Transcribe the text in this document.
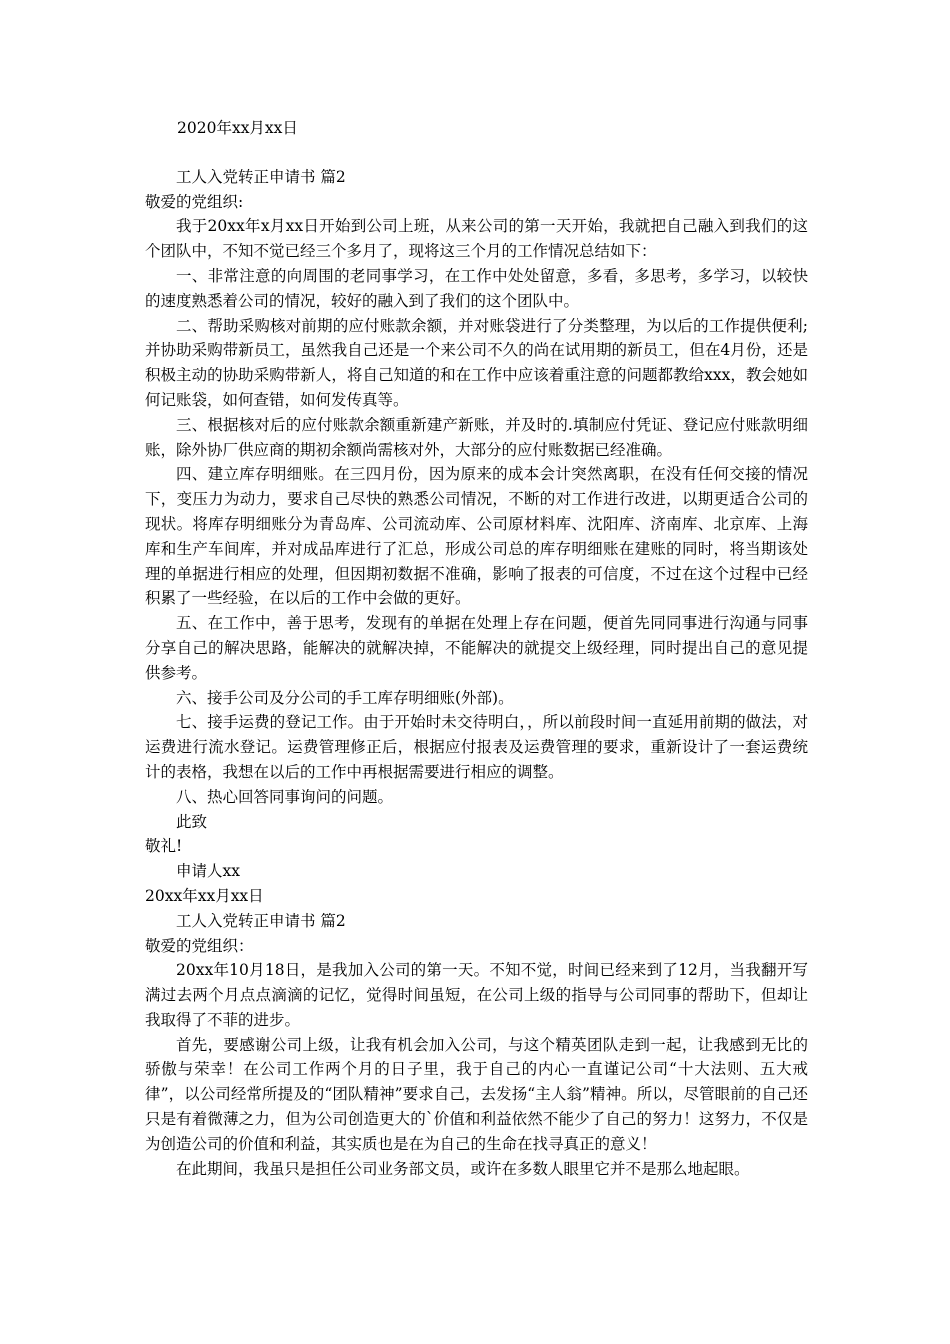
2020年xx月xx日
工人入党转正申请书 篇2
敬爱的党组织:
我于20xx年x月xx日开始到公司上班，从来公司的第一天开始，我就把自己融入到我们的这个团队中，不知不觉已经三个多月了，现将这三个月的工作情况总结如下：
一、非常注意的向周围的老同事学习，在工作中处处留意，多看，多思考，多学习，以较快的速度熟悉着公司的情况，较好的融入到了我们的这个团队中。
二、帮助采购核对前期的应付账款余额，并对账袋进行了分类整理，为以后的工作提供便利;并协助采购带新员工，虽然我自己还是一个来公司不久的尚在试用期的新员工，但在4月份，还是积极主动的协助采购带新人，将自己知道的和在工作中应该着重注意的问题都教给xxx，教会她如何记账袋，如何查错，如何发传真等。
三、根据核对后的应付账款余额重新建产新账，并及时的.填制应付凭证、登记应付账款明细账，除外协厂供应商的期初余额尚需核对外，大部分的应付账数据已经准确。
四、建立库存明细账。在三四月份，因为原来的成本会计突然离职，在没有任何交接的情况下，变压力为动力，要求自己尽快的熟悉公司情况，不断的对工作进行改进，以期更适合公司的现状。将库存明细账分为青岛库、公司流动库、公司原材料库、沈阳库、济南库、北京库、上海库和生产车间库，并对成品库进行了汇总，形成公司总的库存明细账在建账的同时，将当期该处理的单据进行相应的处理，但因期初数据不准确，影响了报表的可信度，不过在这个过程中已经积累了一些经验，在以后的工作中会做的更好。
五、在工作中，善于思考，发现有的单据在处理上存在问题，便首先同同事进行沟通与同事分享自己的解决思路，能解决的就解决掉，不能解决的就提交上级经理，同时提出自己的意见提供参考。
六、接手公司及分公司的手工库存明细账(外部)。
七、接手运费的登记工作。由于开始时未交待明白，，所以前段时间一直延用前期的做法，对运费进行流水登记。运费管理修正后，根据应付报表及运费管理的要求，重新设计了一套运费统计的表格，我想在以后的工作中再根据需要进行相应的调整。
八、热心回答同事询问的问题。
此致
敬礼!
申请人xx
20xx年xx月xx日
工人入党转正申请书 篇2
敬爱的党组织：
20xx年10月18日，是我加入公司的第一天。不知不觉，时间已经来到了12月，当我翻开写满过去两个月点点滴滴的记忆，觉得时间虽短，在公司上级的指导与公司同事的帮助下，但却让我取得了不菲的进步。
首先，要感谢公司上级，让我有机会加入公司，与这个精英团队走到一起，让我感到无比的骄傲与荣幸！在公司工作两个月的日子里，我于自己的内心一直谨记公司“十大法则、五大戒律”，以公司经常所提及的“团队精神”要求自己，去发扬“主人翁”精神。所以，尽管眼前的自己还只是有着微薄之力，但为公司创造更大的`价值和利益依然不能少了自己的努力！这努力，不仅是为创造公司的价值和利益，其实质也是在为自己的生命在找寻真正的意义！
在此期间，我虽只是担任公司业务部文员，或许在多数人眼里它并不是那么地起眼。
